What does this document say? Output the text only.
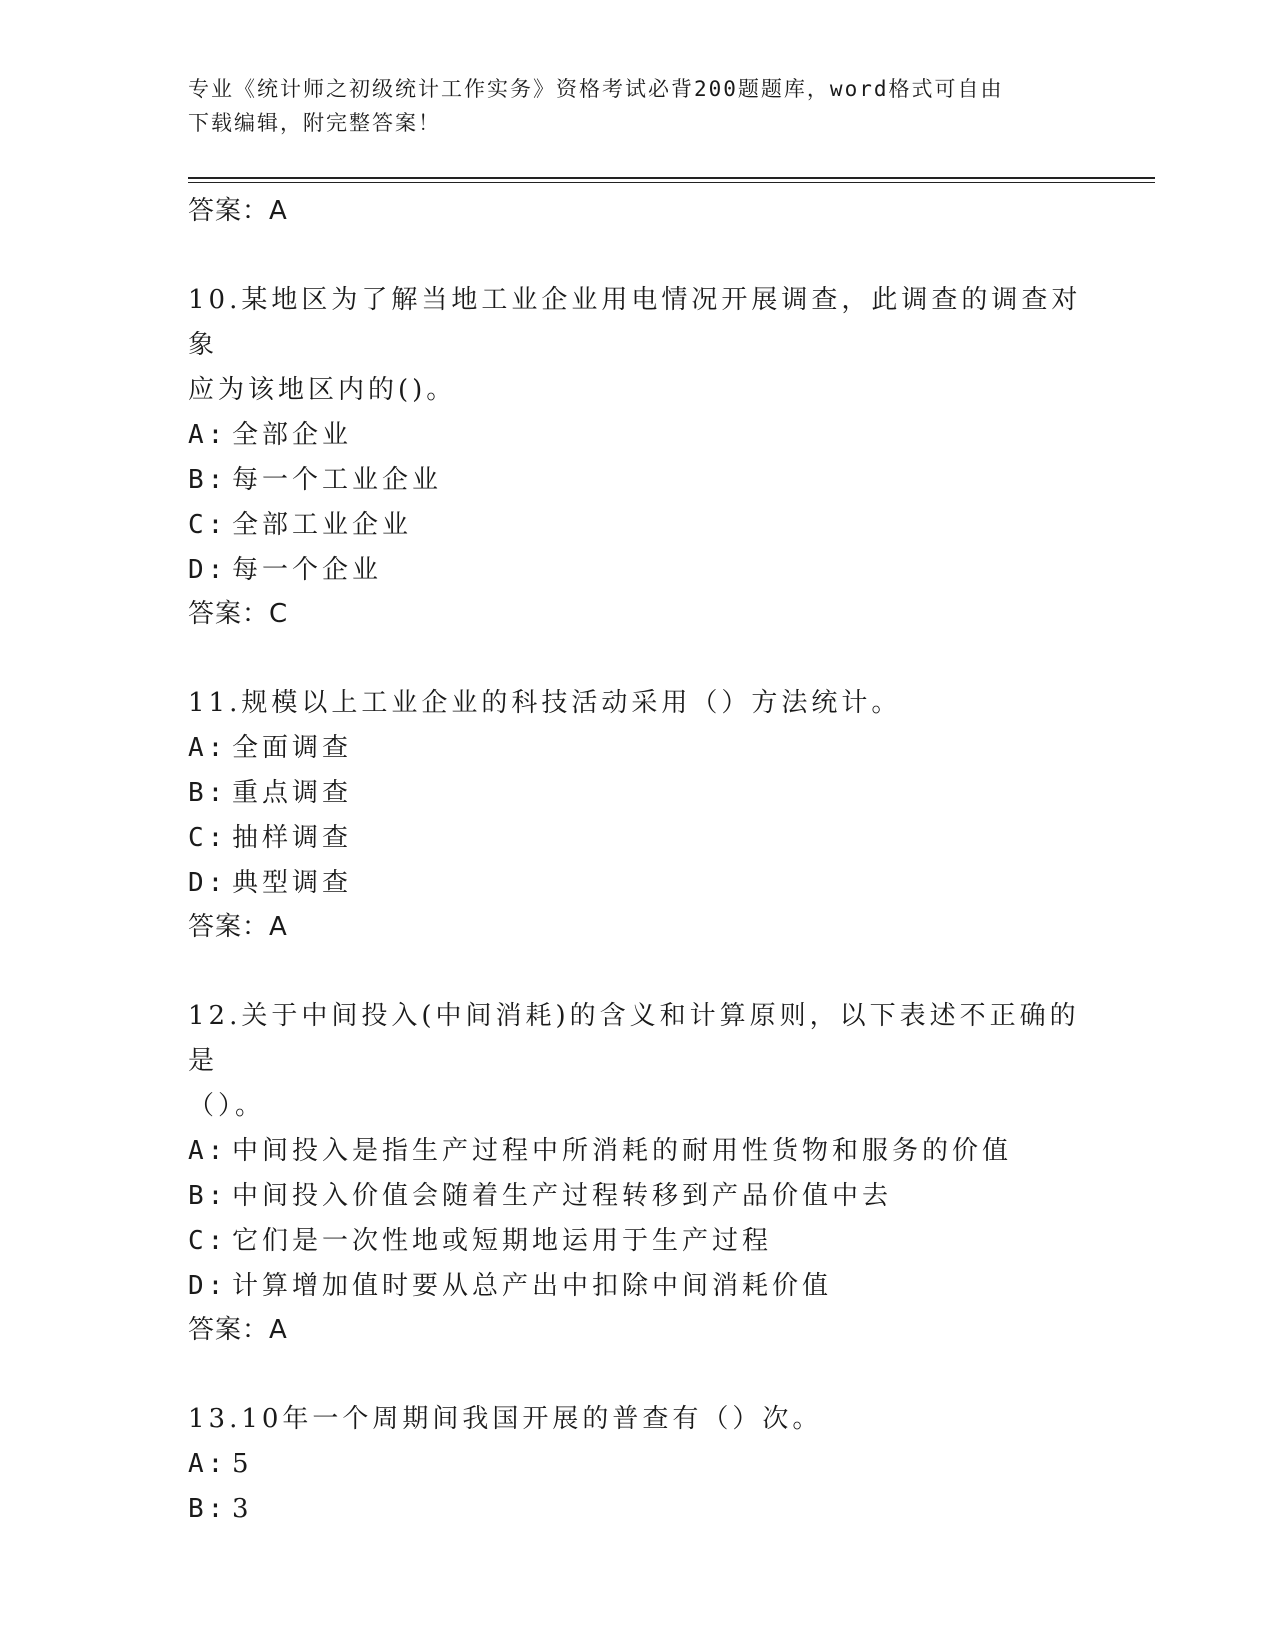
专业《统计师之初级统计工作实务》资格考试必背200题题库，word格式可自由
下载编辑，附完整答案！

答案：A

10.某地区为了解当地工业企业用电情况开展调查，此调查的调查对象

应为该地区内的()。

A: 全部企业

B: 每一个工业企业

C: 全部工业企业

D: 每一个企业

答案：C

11.规模以上工业企业的科技活动采用（）方法统计。

A: 全面调查

B: 重点调查

C: 抽样调查

D: 典型调查

答案：A

12.关于中间投入(中间消耗)的含义和计算原则，以下表述不正确的是

（）。

A: 中间投入是指生产过程中所消耗的耐用性货物和服务的价值

B: 中间投入价值会随着生产过程转移到产品价值中去

C: 它们是一次性地或短期地运用于生产过程

D: 计算增加值时要从总产出中扣除中间消耗价值

答案：A

13.10年一个周期间我国开展的普查有（）次。

A: 5

B: 3
